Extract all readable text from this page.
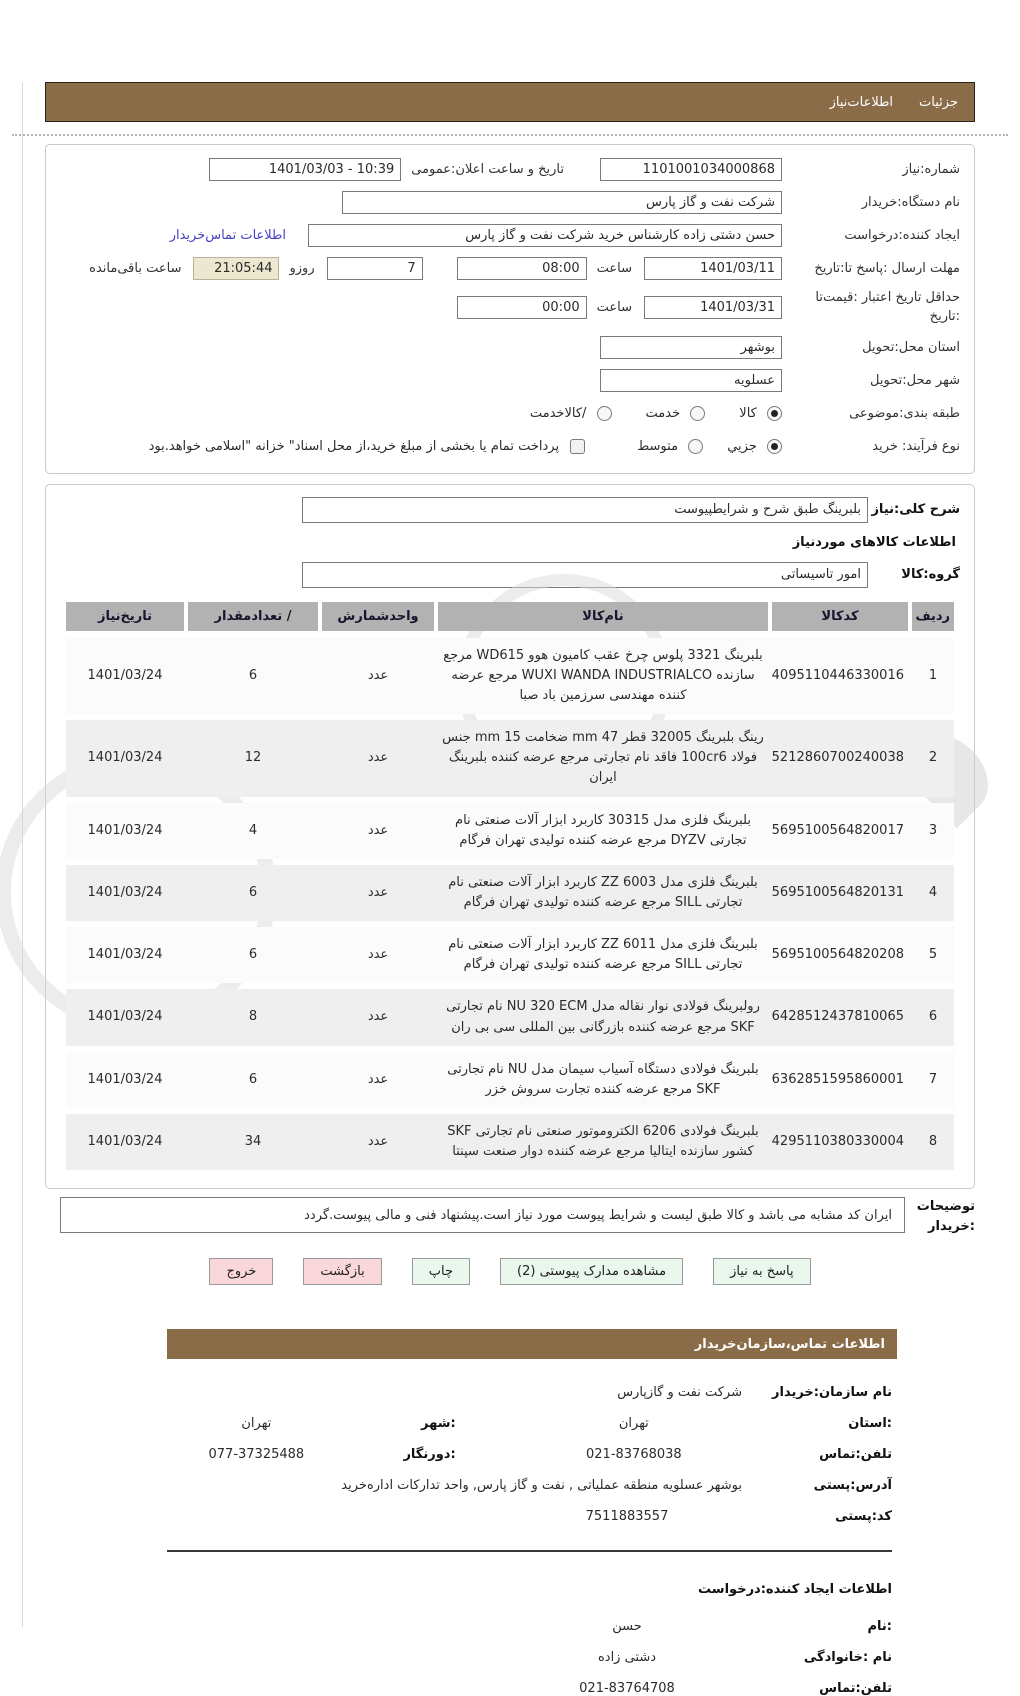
جزئیات
اطلاعات‌نیاز
شماره:نیاز
1101001034000868
تاریخ و ساعت اعلان:عمومی
10:39 - 1401/03/03
نام دستگاه:خریدار
شرکت نفت و گاز پارس
ایجاد کننده:درخواست
حسن دشتی زاده کارشناس خرید شرکت نفت و گاز پارس
اطلاعات تماس‌خریدار
مهلت ارسال :پاسخ تا:تاریخ
1401/03/11
ساعت
08:00
7
روزو
21:05:44
ساعت باقی‌مانده
حداقل تاریخ اعتبار :قیمت‌تا :تاریخ
1401/03/31
ساعت
00:00
استان محل:تحویل
بوشهر
شهر محل:تحویل
عسلویه
طبقه بندی:موضوعی
کالا
خدمت
/کالاخدمت
نوع فرآیند: خرید
جزیي
متوسط
پرداخت تمام یا بخشی از مبلغ خرید،از محل اسناد" خزانه "اسلامی خواهد.بود
شرح کلی:نیاز
بلبرینگ طبق شرح و شرایطپیوست
اطلاعات کالاهای موردنیاز
گروه:کالا
امور تاسیساتی
ردیف
کدکالا
نام‌کالا
واحدشمارش
/ تعدادمقدار
تاریخ‌نیاز
1
4095110446330016
بلبرینگ 3321 پلوس چرخ عقب کامیون هوو WD615 مرجع سازنده WUXI WANDA INDUSTRIALCO مرجع عرضه کننده مهندسی سرزمین باد صبا
عدد
6
1401/03/24
2
5212860700240038
رینگ بلبرینگ 32005 قطر 47 mm ضخامت 15 mm جنس فولاد 100cr6 فاقد نام تجارتی مرجع عرضه کننده بلبرینگ ایران
عدد
12
1401/03/24
3
5695100564820017
بلبرینگ فلزی مدل 30315 کاربرد ابزار آلات صنعتی نام تجارتی DYZV مرجع عرضه کننده تولیدی تهران فرگام
عدد
4
1401/03/24
4
5695100564820131
بلبرینگ فلزی مدل 6003 ZZ کاربرد ابزار آلات صنعتی نام تجارتی SILL مرجع عرضه کننده تولیدی تهران فرگام
عدد
6
1401/03/24
5
5695100564820208
بلبرینگ فلزی مدل 6011 ZZ کاربرد ابزار آلات صنعتی نام تجارتی SILL مرجع عرضه کننده تولیدی تهران فرگام
عدد
6
1401/03/24
6
6428512437810065
رولبرینگ فولادی نوار نقاله مدل NU 320 ECM نام تجارتی SKF مرجع عرضه کننده بازرگانی بین المللی سی بی ران
عدد
8
1401/03/24
7
6362851595860001
بلبرینگ فولادی دستگاه آسیاب سیمان مدل NU نام تجارتی SKF مرجع عرضه کننده تجارت سروش خزر
عدد
6
1401/03/24
8
4295110380330004
بلبرینگ فولادی 6206 الکتروموتور صنعتی نام تجارتی SKF کشور سازنده ایتالیا مرجع عرضه کننده دوار صنعت سپنتا
عدد
34
1401/03/24
توضیحات
:خریدار
ایران کد مشابه می باشد و کالا طبق لیست و شرایط پیوست مورد نیاز است.پیشنهاد فنی و مالی پیوست.گردد
پاسخ به نیاز
مشاهده مدارک پیوستی (2)
چاپ
بازگشت
خروج
اطلاعات تماس،سازمان‌خریدار
نام سازمان:خریدار
شرکت نفت و گازپارس
:استان
تهران
:شهر
تهران
تلفن:تماس
021-83768038
:دورنگار
077-37325488
آدرس:پستی
بوشهر عسلویه منطقه عملیاتی , نفت و گاز پارس, واحد تدارکات اداره‌خرید
کد:پستی
7511883557
اطلاعات ایجاد کننده:درخواست
:نام
حسن
نام :خانوادگی
دشتی زاده
تلفن:تماس
021-83764708
